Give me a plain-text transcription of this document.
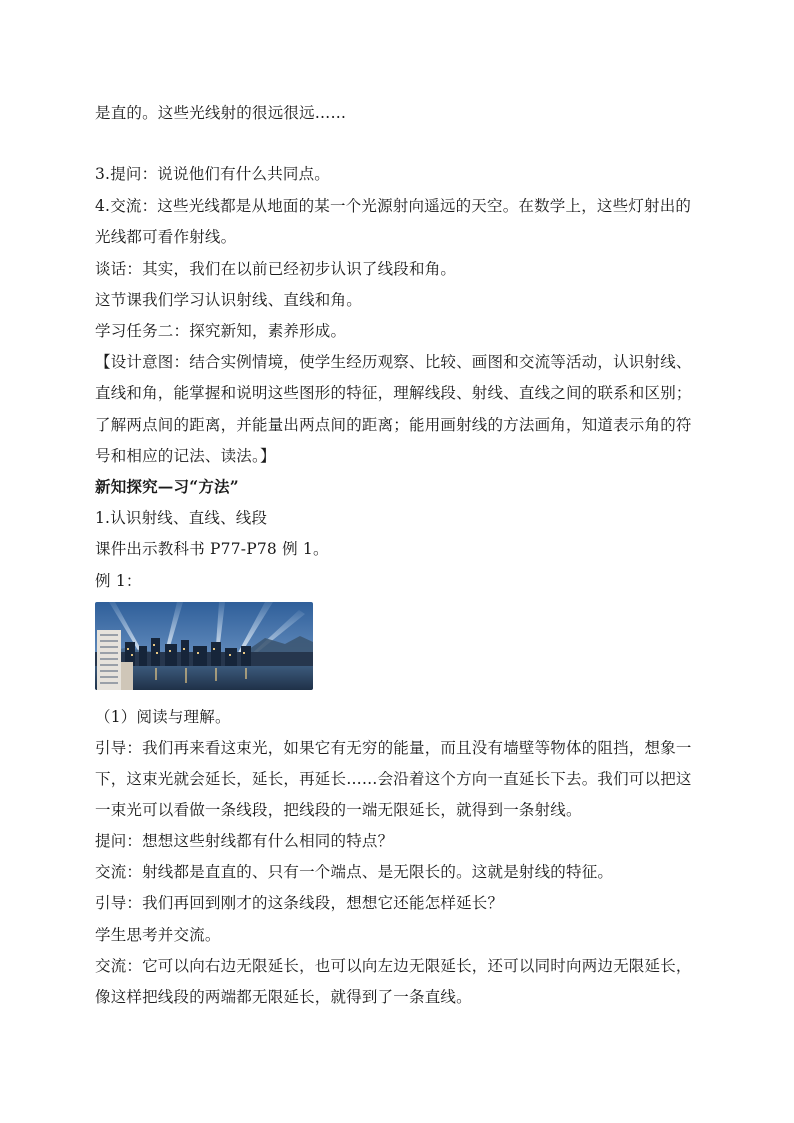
是直的。这些光线射的很远很远……
3.提问：说说他们有什么共同点。
4.交流：这些光线都是从地面的某一个光源射向遥远的天空。在数学上，这些灯射出的
光线都可看作射线。
谈话：其实，我们在以前已经初步认识了线段和角。
这节课我们学习认识射线、直线和角。
学习任务二：探究新知，素养形成。
【设计意图：结合实例情境，使学生经历观察、比较、画图和交流等活动，认识射线、
直线和角，能掌握和说明这些图形的特征，理解线段、射线、直线之间的联系和区别；
了解两点间的距离，并能量出两点间的距离；能用画射线的方法画角，知道表示角的符
号和相应的记法、读法。】
新知探究—习“方法”
1.认识射线、直线、线段
课件出示教科书 P77-P78 例 1。
例 1：
（1）阅读与理解。
引导：我们再来看这束光，如果它有无穷的能量，而且没有墙壁等物体的阻挡，想象一
下，这束光就会延长，延长，再延长……会沿着这个方向一直延长下去。我们可以把这
一束光可以看做一条线段，把线段的一端无限延长，就得到一条射线。
提问：想想这些射线都有什么相同的特点？
交流：射线都是直直的、只有一个端点、是无限长的。这就是射线的特征。
引导：我们再回到刚才的这条线段，想想它还能怎样延长？
学生思考并交流。
交流：它可以向右边无限延长，也可以向左边无限延长，还可以同时向两边无限延长，
像这样把线段的两端都无限延长，就得到了一条直线。
